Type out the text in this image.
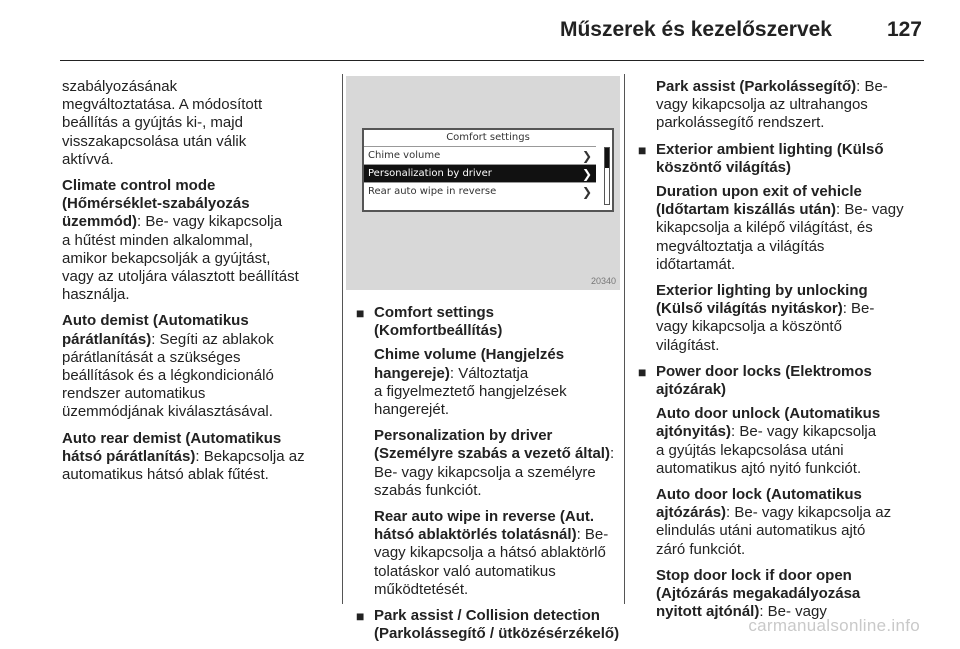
Műszerek és kezelőszervek	127

szabályozásának

megváltoztatása. A módosított

beállítás a gyújtás ki-, majd

visszakapcsolása után válik

aktívvá.

Climate control mode

(Hőmérséklet-szabályozás

üzemmód): Be- vagy kikapcsolja

a hűtést minden alkalommal,

amikor bekapcsolják a gyújtást,

vagy az utoljára választott beállítást

használja.

Auto demist (Automatikus

párátlanítás): Segíti az ablakok

párátlanítását a szükséges

beállítások és a légkondicionáló

rendszer automatikus

üzemmódjának kiválasztásával.

Auto rear demist (Automatikus

hátsó párátlanítás): Bekapcsolja az

automatikus hátsó ablak fűtést.

Comfort settings
Chime volume	❯
Personalization by driver	❯
Rear auto wipe in reverse	❯
20340
■ Comfort settings (Komfortbeállítás)

Chime volume (Hangjelzés

hangereje): Változtatja

a figyelmeztető hangjelzések

hangerejét.

Personalization by driver

(Személyre szabás a vezető által):

Be- vagy kikapcsolja a személyre

szabás funkciót.

Rear auto wipe in reverse (Aut.

hátsó ablaktörlés tolatásnál): Be-

vagy kikapcsolja a hátsó ablaktörlő

tolatáskor való automatikus

működtetését.

■ Park assist / Collision detection

(Parkolássegítő / ütközésérzékelő)

Park assist (Parkolássegítő): Be-

vagy kikapcsolja az ultrahangos

parkolássegítő rendszert.

■ Exterior ambient lighting (Külső

köszöntő világítás)

Duration upon exit of vehicle

(Időtartam kiszállás után): Be- vagy

kikapcsolja a kilépő világítást, és

megváltoztatja a világítás

időtartamát.

Exterior lighting by unlocking

(Külső világítás nyitáskor): Be-

vagy kikapcsolja a köszöntő

világítást.

■ Power door locks (Elektromos

ajtózárak)

Auto door unlock (Automatikus

ajtónyitás): Be- vagy kikapcsolja

a gyújtás lekapcsolása utáni

automatikus ajtó nyitó funkciót.

Auto door lock (Automatikus

ajtózárás): Be- vagy kikapcsolja az

elindulás utáni automatikus ajtó

záró funkciót.

Stop door lock if door open

(Ajtózárás megakadályozása

nyitott ajtónál): Be- vagy

carmanualsonline.info
